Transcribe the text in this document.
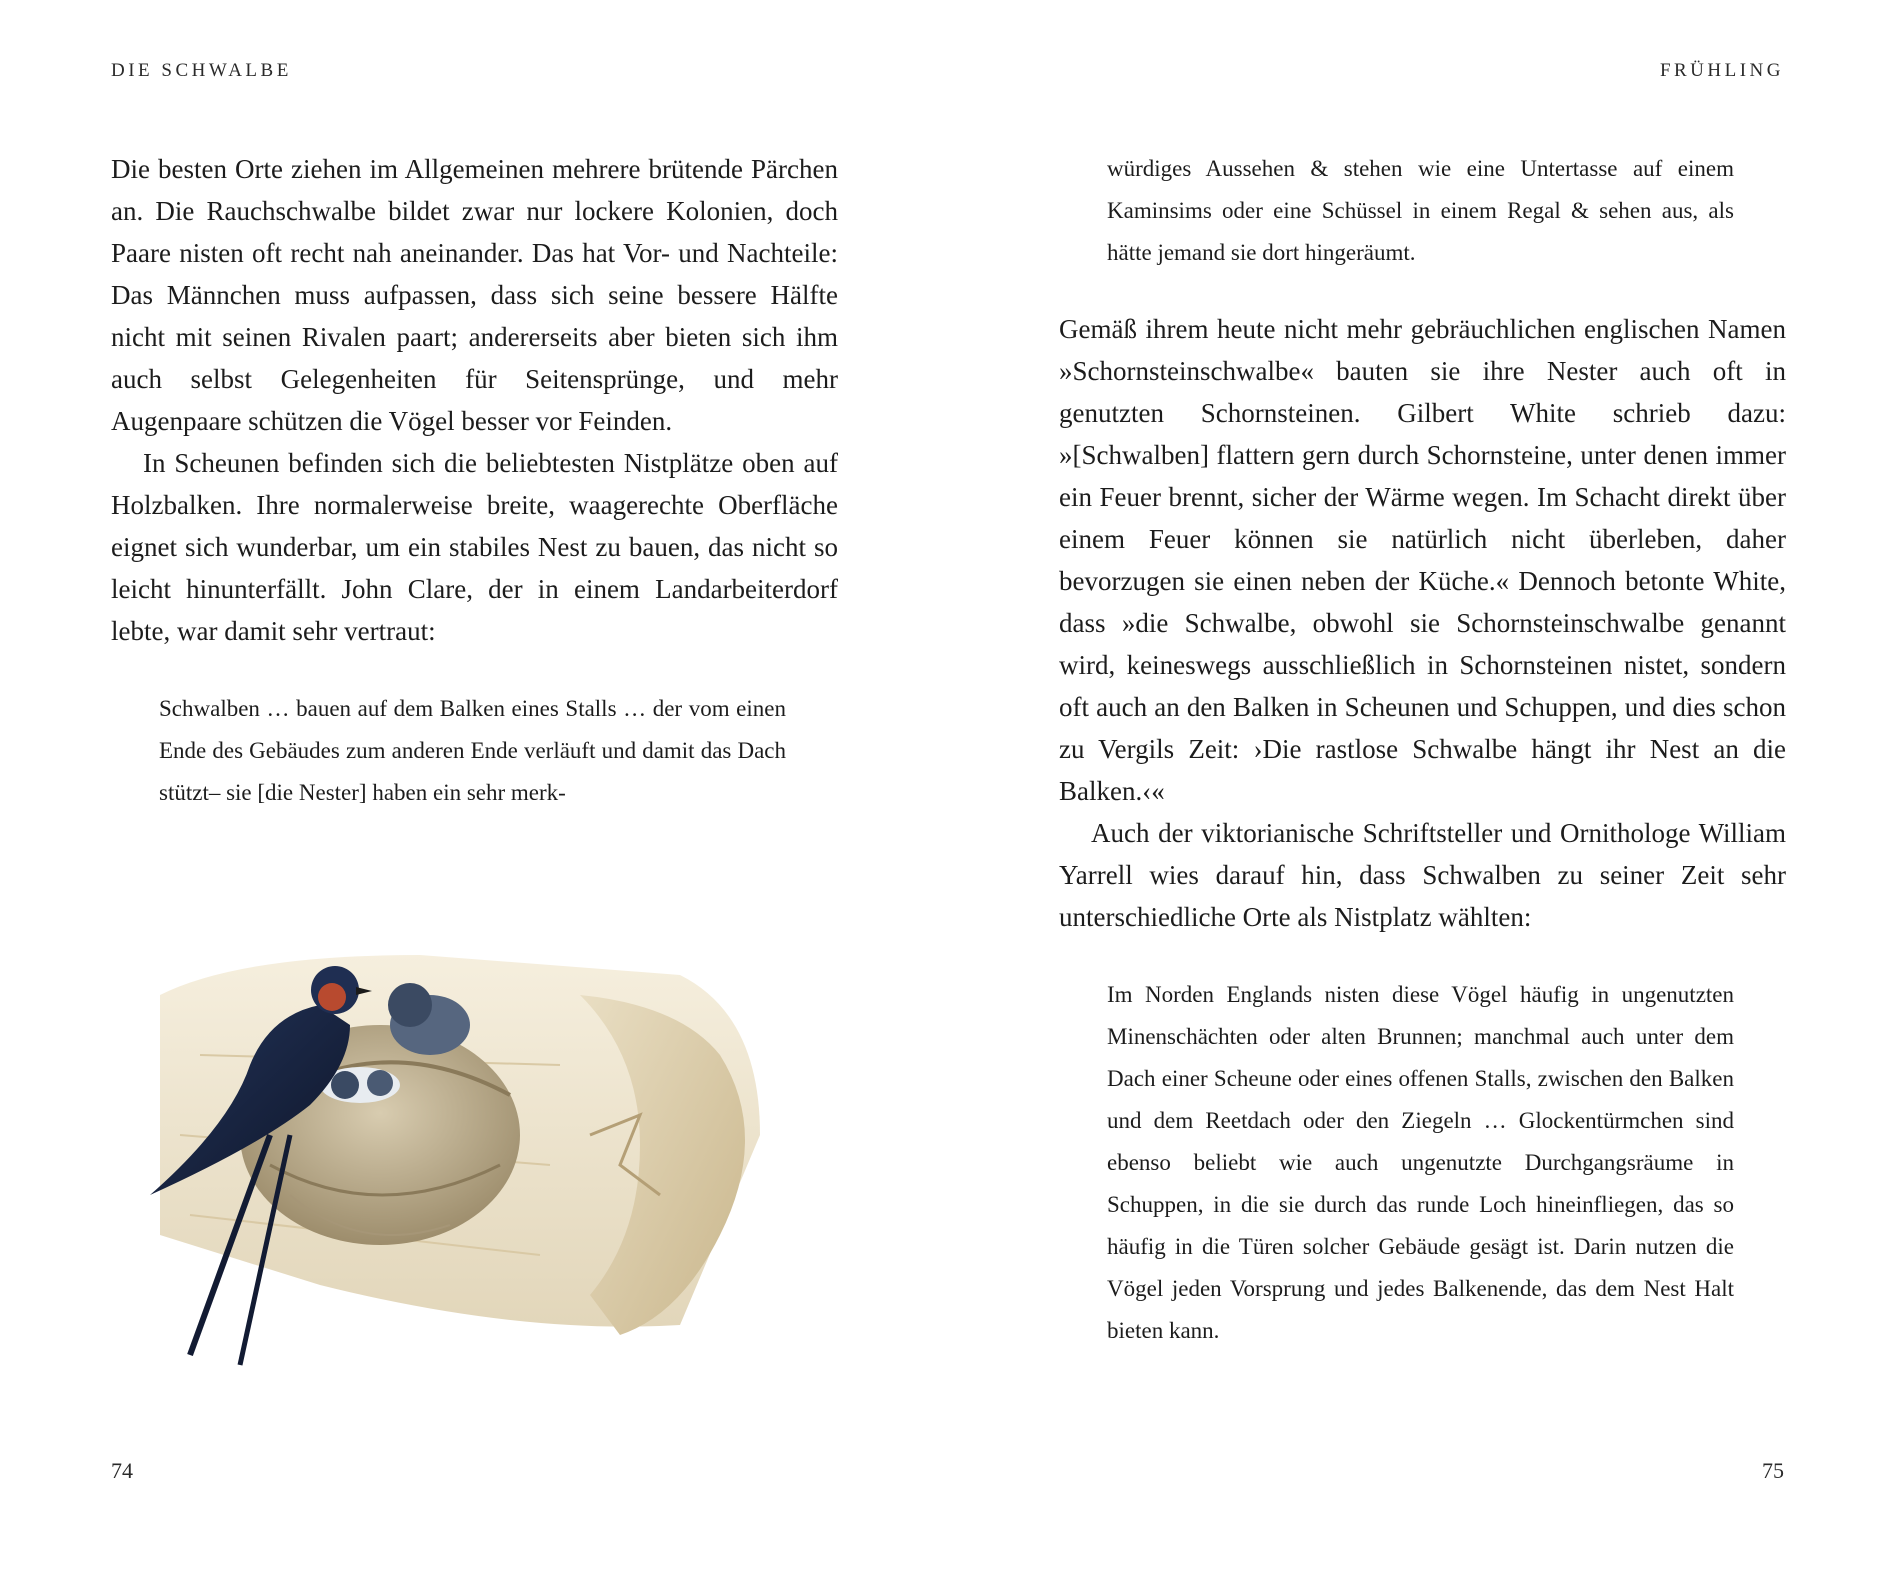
DIE SCHWALBE

Die besten Orte ziehen im Allgemeinen mehrere brütende Pärchen an. Die Rauchschwalbe bildet zwar nur lockere Kolonien, doch Paare nisten oft recht nah aneinander. Das hat Vor- und Nachteile: Das Männchen muss aufpassen, dass sich seine bessere Hälfte nicht mit seinen Rivalen paart; andererseits aber bieten sich ihm auch selbst Gelegenheiten für Seitensprünge, und mehr Augenpaare schützen die Vögel besser vor Feinden.

In Scheunen befinden sich die beliebtesten Nistplätze oben auf Holzbalken. Ihre normalerweise breite, waagerechte Oberfläche eignet sich wunderbar, um ein stabiles Nest zu bauen, das nicht so leicht hinunterfällt. John Clare, der in einem Landarbeiterdorf lebte, war damit sehr vertraut:

Schwalben … bauen auf dem Balken eines Stalls … der vom einen Ende des Gebäudes zum anderen Ende verläuft und damit das Dach stützt– sie [die Nester] haben ein sehr merk-

74
FRÜHLING

würdiges Aussehen & stehen wie eine Untertasse auf einem Kaminsims oder eine Schüssel in einem Regal & sehen aus, als hätte jemand sie dort hingeräumt.

Gemäß ihrem heute nicht mehr gebräuchlichen englischen Namen »Schornsteinschwalbe« bauten sie ihre Nester auch oft in genutzten Schornsteinen. Gilbert White schrieb dazu: »[Schwalben] flattern gern durch Schornsteine, unter denen immer ein Feuer brennt, sicher der Wärme wegen. Im Schacht direkt über einem Feuer können sie natürlich nicht überleben, daher bevorzugen sie einen neben der Küche.« Dennoch betonte White, dass »die Schwalbe, obwohl sie Schornsteinschwalbe genannt wird, keineswegs ausschließlich in Schornsteinen nistet, sondern oft auch an den Balken in Scheunen und Schuppen, und dies schon zu Vergils Zeit: ›Die rastlose Schwalbe hängt ihr Nest an die Balken.‹«

Auch der viktorianische Schriftsteller und Ornithologe William Yarrell wies darauf hin, dass Schwalben zu seiner Zeit sehr unterschiedliche Orte als Nistplatz wählten:

Im Norden Englands nisten diese Vögel häufig in ungenutzten Minenschächten oder alten Brunnen; manchmal auch unter dem Dach einer Scheune oder eines offenen Stalls, zwischen den Balken und dem Reetdach oder den Ziegeln … Glockentürmchen sind ebenso beliebt wie auch ungenutzte Durchgangsräume in Schuppen, in die sie durch das runde Loch hineinfliegen, das so häufig in die Türen solcher Gebäude gesägt ist. Darin nutzen die Vögel jeden Vorsprung und jedes Balkenende, das dem Nest Halt bieten kann.

75
